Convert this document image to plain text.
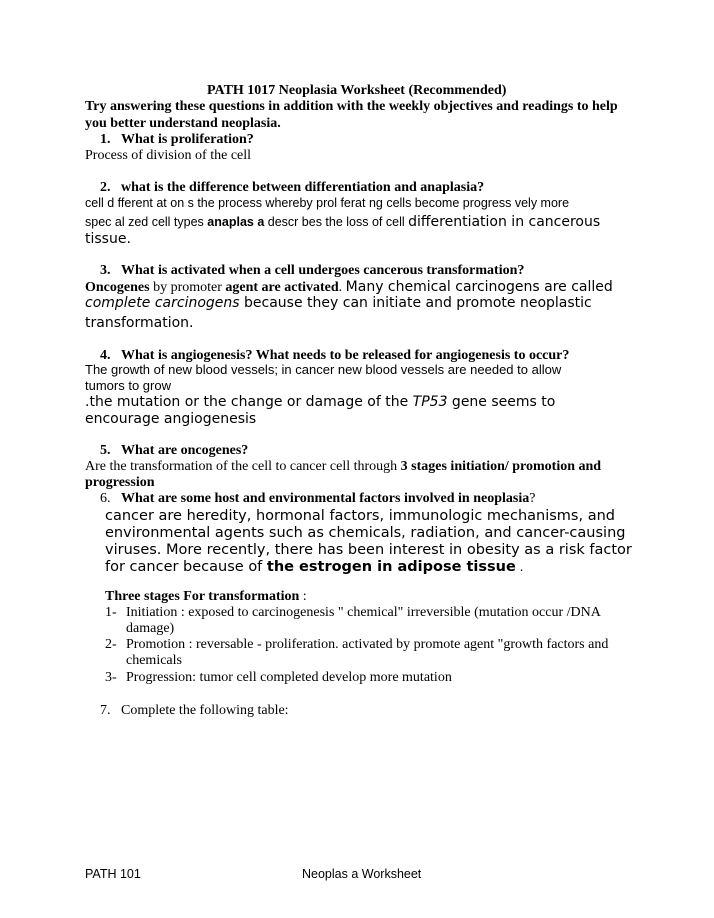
PATH 1017 Neoplasia Worksheet (Recommended)
Try answering these questions in addition with the weekly objectives and readings to help
you better understand neoplasia.
1. What is proliferation?
Process of division of the cell
2. what is the difference between differentiation and anaplasia?
cell d fferent at on s the process whereby prol ferat ng cells become progress vely more
spec al zed cell types anaplas a descr bes the loss of cell differentiation in cancerous
tissue.
3. What is activated when a cell undergoes cancerous transformation?
Oncogenes by promoter agent are activated. Many chemical carcinogens are called
complete carcinogens because they can initiate and promote neoplastic
transformation.
4. What is angiogenesis? What needs to be released for angiogenesis to occur?
The growth of new blood vessels; in cancer new blood vessels are needed to allow
tumors to grow
.the mutation or the change or damage of the TP53 gene seems to
encourage angiogenesis
5. What are oncogenes?
Are the transformation of the cell to cancer cell through 3 stages initiation/ promotion and
progression
6. What are some host and environmental factors involved in neoplasia?
cancer are heredity, hormonal factors, immunologic mechanisms, and
environmental agents such as chemicals, radiation, and cancer-causing
viruses. More recently, there has been interest in obesity as a risk factor
for cancer because of the estrogen in adipose tissue .
Three stages For transformation :
1- Initiation : exposed to carcinogenesis " chemical" irreversible (mutation occur /DNA
damage)
2- Promotion : reversable - proliferation. activated by promote agent "growth factors and
chemicals
3- Progression: tumor cell completed develop more mutation
7. Complete the following table:
PATH 101	Neoplas a Worksheet
